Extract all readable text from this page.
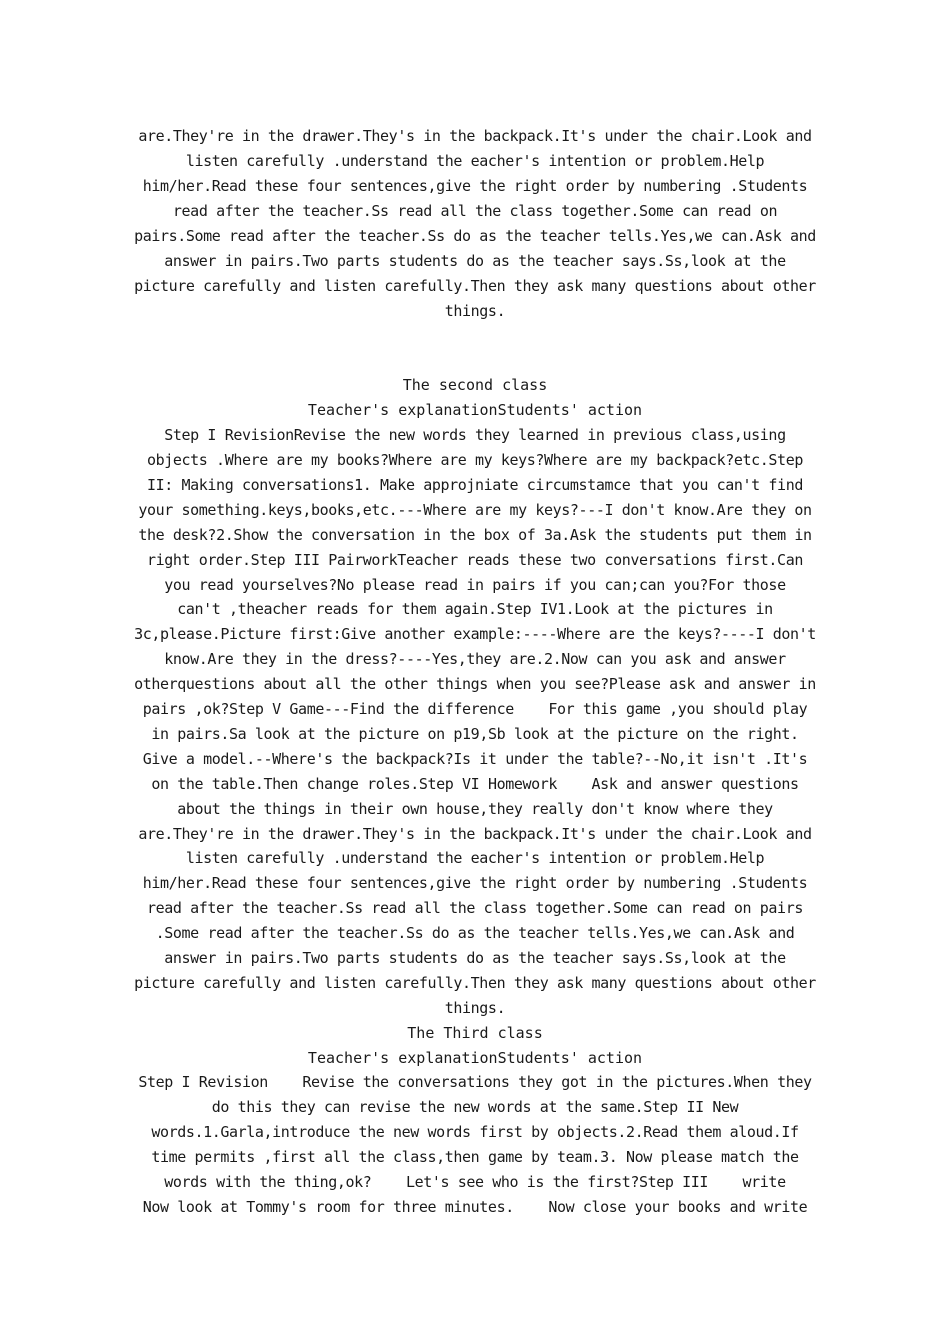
are.They're in the drawer.They's in the backpack.It's under the chair.Look and
listen carefully .understand the eacher's intention or problem.Help
him/her.Read these four sentences,give the right order by numbering .Students
read after the teacher.Ss read all the class together.Some can read on
pairs.Some read after the teacher.Ss do as the teacher tells.Yes,we can.Ask and
answer in pairs.Two parts students do as the teacher says.Ss,look at the
picture carefully and listen carefully.Then they ask many questions about other
things.
The second class
Teacher's explanationStudents' action
Step I RevisionRevise the new words they learned in previous class,using
objects .Where are my books?Where are my keys?Where are my backpack?etc.Step
II: Making conversations1. Make approjniate circumstamce that you can't find
your something.keys,books,etc.---Where are my keys?---I don't know.Are they on
the desk?2.Show the conversation in the box of 3a.Ask the students put them in
right order.Step III PairworkTeacher reads these two conversations first.Can
you read yourselves?No please read in pairs if you can;can you?For those
can't ,theacher reads for them again.Step IV1.Look at the pictures in
3c,please.Picture first:Give another example:----Where are the keys?----I don't
know.Are they in the dress?----Yes,they are.2.Now can you ask and answer
otherquestions about all the other things when you see?Please ask and answer in
pairs ,ok?Step V Game---Find the difference    For this game ,you should play
in pairs.Sa look at the picture on p19,Sb look at the picture on the right.
Give a model.--Where's the backpack?Is it under the table?--No,it isn't .It's
on the table.Then change roles.Step VI Homework    Ask and answer questions
about the things in their own house,they really don't know where they
are.They're in the drawer.They's in the backpack.It's under the chair.Look and
listen carefully .understand the eacher's intention or problem.Help
him/her.Read these four sentences,give the right order by numbering .Students
read after the teacher.Ss read all the class together.Some can read on pairs
.Some read after the teacher.Ss do as the teacher tells.Yes,we can.Ask and
answer in pairs.Two parts students do as the teacher says.Ss,look at the
picture carefully and listen carefully.Then they ask many questions about other
things.
The Third class
Teacher's explanationStudents' action
Step I Revision    Revise the conversations they got in the pictures.When they
do this they can revise the new words at the same.Step II New
words.1.Garla,introduce the new words first by objects.2.Read them aloud.If
time permits ,first all the class,then game by team.3. Now please match the
words with the thing,ok?    Let's see who is the first?Step III    write
Now look at Tommy's room for three minutes.    Now close your books and write
